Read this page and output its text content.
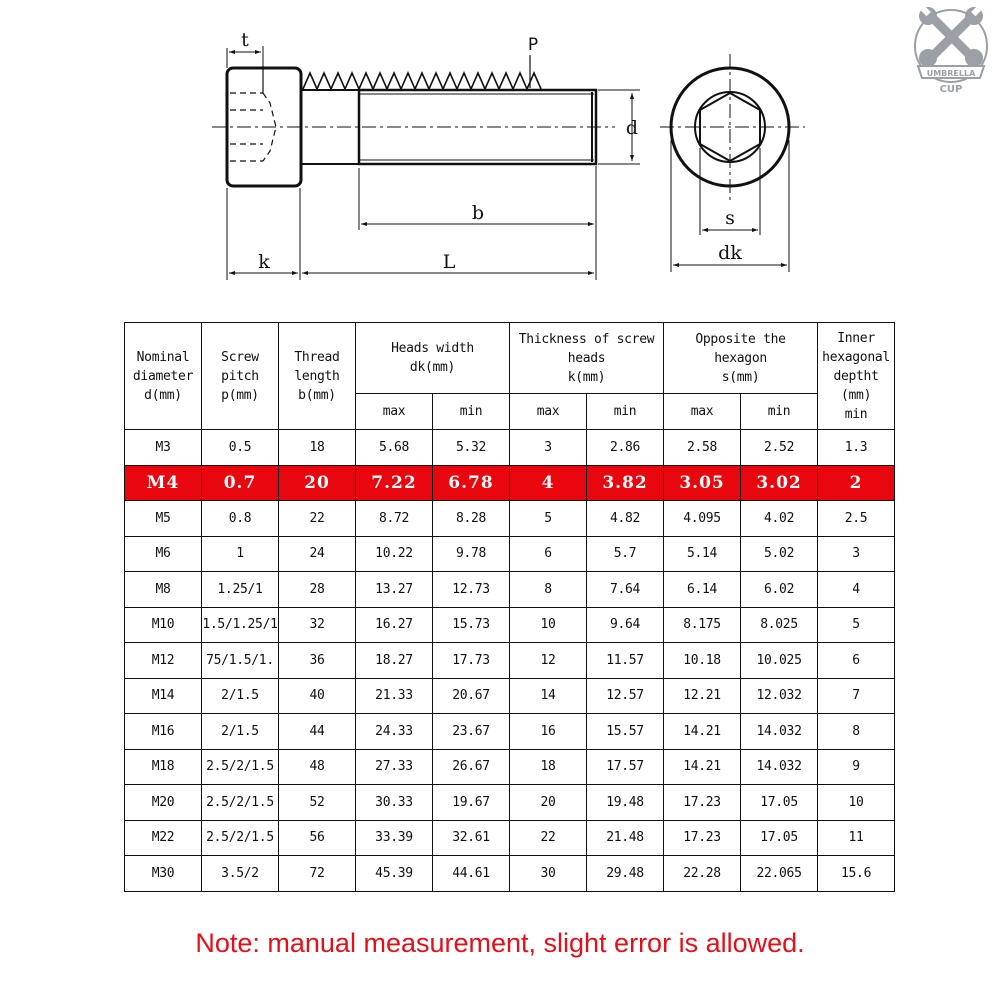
t	P
d
b
k	L
s
dk
UMBRELLA
CUP
Nominal
diameter
d(mm)

Screw
pitch
p(mm)

Thread
length
b(mm)

Heads width
dk(mm)

Thickness of screw
heads
k(mm)

Opposite the
hexagon
s(mm)

Inner
hexagonal
deptht
(mm)
min

			max	min	max	min	max	min	
M3	0.5	18	5.68	5.32	3	2.86	2.58	2.52	1.3
M4	0.7	20	7.22	6.78	4	3.82	3.05	3.02	2
M5	0.8	22	8.72	8.28	5	4.82	4.095	4.02	2.5
M6	1	24	10.22	9.78	6	5.7	5.14	5.02	3
M8	1.25/1	28	13.27	12.73	8	7.64	6.14	6.02	4
M10	1.5/1.25/1	32	16.27	15.73	10	9.64	8.175	8.025	5
M12	75/1.5/1.	36	18.27	17.73	12	11.57	10.18	10.025	6
M14	2/1.5	40	21.33	20.67	14	12.57	12.21	12.032	7
M16	2/1.5	44	24.33	23.67	16	15.57	14.21	14.032	8
M18	2.5/2/1.5	48	27.33	26.67	18	17.57	14.21	14.032	9
M20	2.5/2/1.5	52	30.33	19.67	20	19.48	17.23	17.05	10
M22	2.5/2/1.5	56	33.39	32.61	22	21.48	17.23	17.05	11
M30	3.5/2	72	45.39	44.61	30	29.48	22.28	22.065	15.6
Note: manual measurement, slight error is allowed.
